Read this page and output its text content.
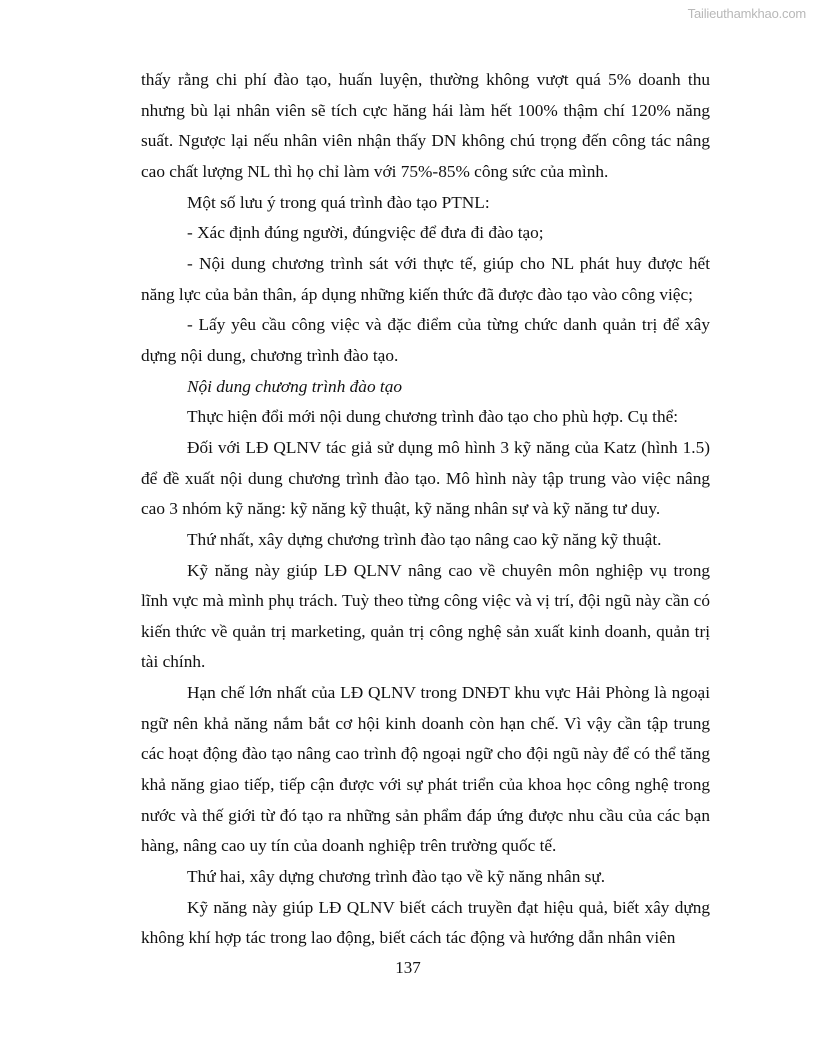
Tailieuthamkhao.com

thấy rằng chi phí đào tạo, huấn luyện, thường không vượt quá 5% doanh thu nhưng bù lại nhân viên sẽ tích cực hăng hái làm hết 100% thậm chí 120% năng suất. Ngược lại nếu nhân viên nhận thấy DN không chú trọng đến công tác nâng cao chất lượng NL thì họ chỉ làm với 75%-85% công sức của mình.

Một số lưu ý trong quá trình đào tạo PTNL:

- Xác định đúng người, đúngviệc để đưa đi đào tạo;

- Nội dung chương trình sát với thực tế, giúp cho NL phát huy được hết năng lực của bản thân, áp dụng những kiến thức đã được đào tạo vào công việc;

- Lấy yêu cầu công việc và đặc điểm của từng chức danh quản trị để xây dựng nội dung, chương trình đào tạo.

Nội dung chương trình đào tạo

Thực hiện đổi mới nội dung chương trình đào tạo cho phù hợp. Cụ thể:

Đối với LĐ QLNV tác giả sử dụng mô hình 3 kỹ năng của Katz (hình 1.5) để đề xuất nội dung chương trình đào tạo. Mô hình này tập trung vào việc nâng cao 3 nhóm kỹ năng: kỹ năng kỹ thuật, kỹ năng nhân sự và kỹ năng tư duy.

Thứ nhất, xây dựng chương trình đào tạo nâng cao kỹ năng kỹ thuật.

Kỹ năng này giúp LĐ QLNV nâng cao về chuyên môn nghiệp vụ trong lĩnh vực mà mình phụ trách. Tuỳ theo từng công việc và vị trí, đội ngũ này cần có kiến thức về quản trị marketing, quản trị công nghệ sản xuất kinh doanh, quản trị tài chính.

Hạn chế lớn nhất của LĐ QLNV trong DNĐT khu vực Hải Phòng là ngoại ngữ nên khả năng nắm bắt cơ hội kinh doanh còn hạn chế. Vì vậy cần tập trung các hoạt động đào tạo nâng cao trình độ ngoại ngữ cho đội ngũ này để có thể tăng khả năng giao tiếp, tiếp cận được với sự phát triển của khoa học công nghệ trong nước và thế giới từ đó tạo ra những sản phẩm đáp ứng được nhu cầu của các bạn hàng, nâng cao uy tín của doanh nghiệp trên trường quốc tế.

Thứ hai, xây dựng chương trình đào tạo về kỹ năng nhân sự.

Kỹ năng này giúp LĐ QLNV biết cách truyền đạt hiệu quả, biết xây dựng không khí hợp tác trong lao động, biết cách tác động và hướng dẫn nhân viên

137
